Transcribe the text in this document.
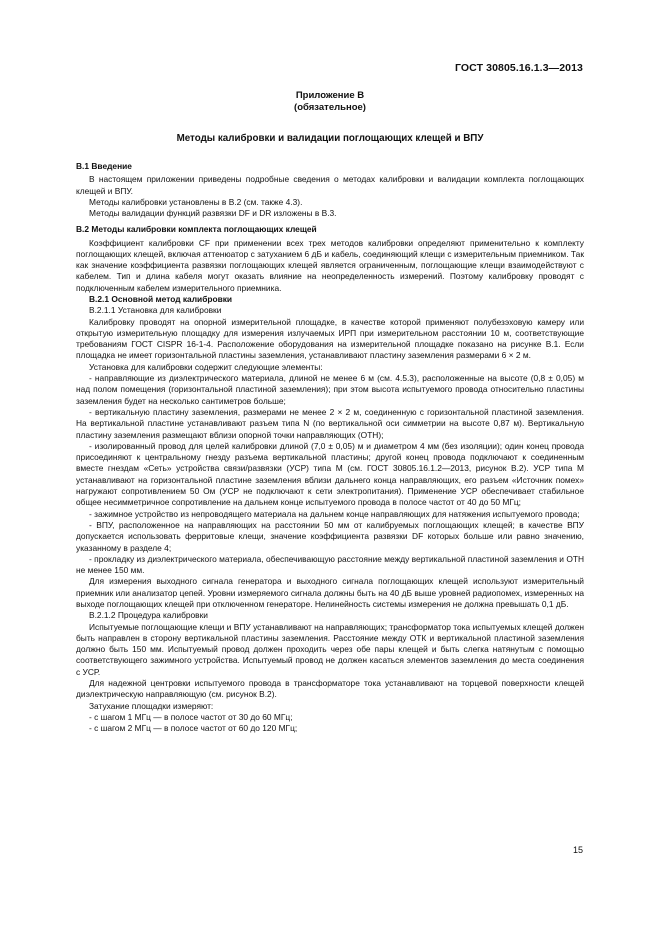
ГОСТ 30805.16.1.3—2013
Приложение В
(обязательное)
Методы калибровки и валидации поглощающих клещей и ВПУ
В.1 Введение

В настоящем приложении приведены подробные сведения о методах калибровки и валидации комплекта поглощающих клещей и ВПУ.

Методы калибровки установлены в В.2 (см. также 4.3).

Методы валидации функций развязки DF и DR изложены в В.3.

В.2 Методы калибровки комплекта поглощающих клещей

Коэффициент калибровки CF при применении всех трех методов калибровки определяют применительно к комплекту поглощающих клещей, включая аттенюатор с затуханием 6 дБ и кабель, соединяющий клещи с измерительным приемником. Так как значение коэффициента развязки поглощающих клещей является ограниченным, поглощающие клещи взаимодействуют с кабелем. Тип и длина кабеля могут оказать влияние на неопределенность измерений. Поэтому калибровку проводят с подключенным кабелем измерительного приемника.

В.2.1 Основной метод калибровки

В.2.1.1 Установка для калибровки

Калибровку проводят на опорной измерительной площадке, в качестве которой применяют полубезэховую камеру или открытую измерительную площадку для измерения излучаемых ИРП при измерительном расстоянии 10 м, соответствующие требованиям ГОСТ CISPR 16-1-4. Расположение оборудования на измерительной площадке показано на рисунке В.1. Если площадка не имеет горизонтальной пластины заземления, устанавливают пластину заземления размерами 6 × 2 м.

Установка для калибровки содержит следующие элементы:

- направляющие из диэлектрического материала, длиной не менее 6 м (см. 4.5.3), расположенные на высоте (0,8 ± 0,05) м над полом помещения (горизонтальной пластиной заземления); при этом высота испытуемого провода относительно пластины заземления будет на несколько сантиметров больше;

- вертикальную пластину заземления, размерами не менее 2 × 2 м, соединенную с горизонтальной пластиной заземления. На вертикальной пластине устанавливают разъем типа N (по вертикальной оси симметрии на высоте 0,87 м). Вертикальную пластину заземления размещают вблизи опорной точки направляющих (ОТН);

- изолированный провод для целей калибровки длиной (7,0 ± 0,05) м и диаметром 4 мм (без изоляции); один конец провода присоединяют к центральному гнезду разъема вертикальной пластины; другой конец провода подключают к соединенным вместе гнездам «Сеть» устройства связи/развязки (УСР) типа М (см. ГОСТ 30805.16.1.2—2013, рисунок В.2). УСР типа М устанавливают на горизонтальной пластине заземления вблизи дальнего конца направляющих, его разъем «Источник помех» нагружают сопротивлением 50 Ом (УСР не подключают к сети электропитания). Применение УСР обеспечивает стабильное общее несимметричное сопротивление на дальнем конце испытуемого провода в полосе частот от 40 до 50 МГц;

- зажимное устройство из непроводящего материала на дальнем конце направляющих для натяжения испытуемого провода;

- ВПУ, расположенное на направляющих на расстоянии 50 мм от калибруемых поглощающих клещей; в качестве ВПУ допускается использовать ферритовые клещи, значение коэффициента развязки DF которых больше или равно значению, указанному в разделе 4;

- прокладку из диэлектрического материала, обеспечивающую расстояние между вертикальной пластиной заземления и ОТН не менее 150 мм.

Для измерения выходного сигнала генератора и выходного сигнала поглощающих клещей используют измерительный приемник или анализатор цепей. Уровни измеряемого сигнала должны быть на 40 дБ выше уровней радиопомех, измеренных на выходе поглощающих клещей при отключенном генераторе. Нелинейность системы измерения не должна превышать 0,1 дБ.

В.2.1.2 Процедура калибровки

Испытуемые поглощающие клещи и ВПУ устанавливают на направляющих; трансформатор тока испытуемых клещей должен быть направлен в сторону вертикальной пластины заземления. Расстояние между ОТК и вертикальной пластиной заземления должно быть 150 мм. Испытуемый провод должен проходить через обе пары клещей и быть слегка натянутым с помощью соответствующего зажимного устройства. Испытуемый провод не должен касаться элементов заземления до места соединения с УСР.

Для надежной центровки испытуемого провода в трансформаторе тока устанавливают на торцевой поверхности клещей диэлектрическую направляющую (см. рисунок В.2).

Затухание площадки измеряют:

- с шагом 1 МГц — в полосе частот от 30 до 60 МГц;

- с шагом 2 МГц — в полосе частот от 60 до 120 МГц;

15
